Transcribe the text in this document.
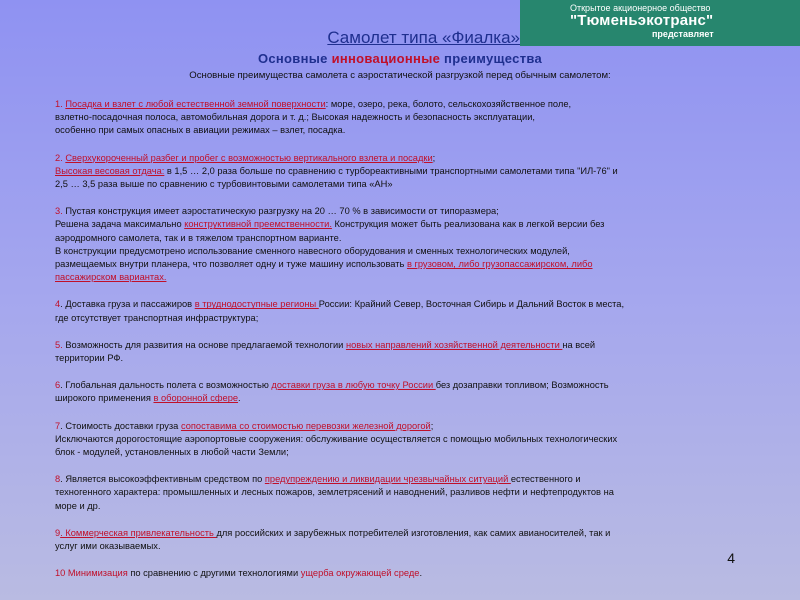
Открытое акционерное общество
"Тюменьэкотранс"
представляет
Самолет типа «Фиалка»
Основные инновационные преимущества
Основные преимущества самолета с аэростатической разгрузкой перед обычным самолетом:

1. Посадка и взлет с любой естественной земной поверхности: море, озеро, река, болото, сельскохозяйственное поле,
взлетно-посадочная полоса, автомобильная дорога и т. д.; Высокая надежность и безопасность эксплуатации,
особенно при самых опасных в авиации режимах – взлет, посадка.

2. Сверхукороченный разбег и пробег с возможностью вертикального взлета и посадки;
Высокая весовая отдача: в 1,5 … 2,0 раза больше по сравнению с турбореактивными транспортными самолетами типа "ИЛ-76" и
2,5 … 3,5 раза выше по сравнению с турбовинтовыми самолетами типа «АН»

3. Пустая конструкция имеет аэростатическую разгрузку на 20 … 70 % в зависимости от типоразмера;
Решена задача максимально конструктивной преемственности. Конструкция может быть реализована как в легкой версии без
аэродромного самолета, так и в тяжелом транспортном варианте.
В конструкции предусмотрено использование сменного навесного оборудования и сменных технологических модулей,
размещаемых внутри планера, что позволяет одну и туже машину использовать в грузовом, либо грузопассажирском, либо
пассажирском вариантах.

4. Доставка груза и пассажиров в труднодоступные регионы России: Крайний Север, Восточная Сибирь и Дальний Восток в места,
где отсутствует транспортная инфраструктура;

5. Возможность для развития на основе предлагаемой технологии новых направлений хозяйственной деятельности на всей
территории РФ.

6. Глобальная дальность полета с возможностью доставки груза в любую точку России без дозаправки топливом; Возможность
широкого применения в оборонной сфере.

7. Стоимость доставки груза сопоставима со стоимостью перевозки железной дорогой;
Исключаются дорогостоящие аэропортовые сооружения: обслуживание осуществляется с помощью мобильных технологических
блок - модулей, установленных в любой части Земли;

8. Является высокоэффективным средством по предупреждению и ликвидации чрезвычайных ситуаций естественного и
техногенного характера: промышленных и лесных пожаров, землетрясений и наводнений, разливов нефти и нефтепродуктов на
море и др.

9. Коммерческая привлекательность для российских и зарубежных потребителей изготовления, как самих авианосителей, так и
услуг ими оказываемых.

10 Минимизация по сравнению с другими технологиями ущерба окружающей среде.

4
